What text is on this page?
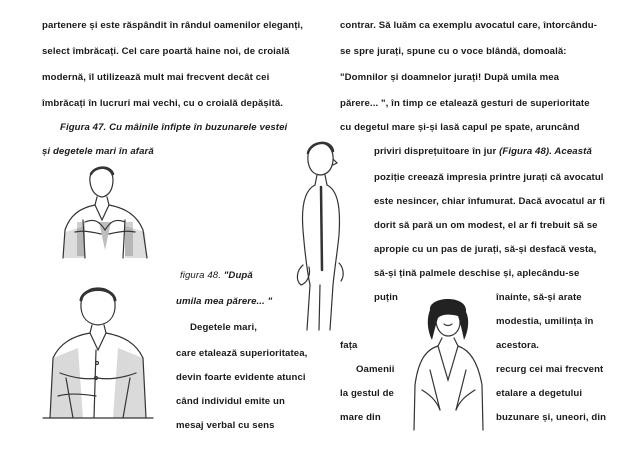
partenere și este răspândit în rândul oamenilor eleganți,
select îmbrăcați. Cel care poartă haine noi, de croială
modernă, îl utilizează mult mai frecvent decât cei
îmbrăcați în lucruri mai vechi, cu o croială depășită.
Figura 47. Cu mâinile înfipte în buzunarele vestei
și degetele mari în afară
figura 48. "După
umila mea părere... "
Degetele mari,
care etalează superioritatea,
devin foarte evidente atunci
când individul emite un
mesaj verbal cu sens
contrar. Să luăm ca exemplu avocatul care, întorcându-
se spre jurați, spune cu o voce blândă, domoală:
"Domnilor și doamnelor jurați! După umila mea
părere... ", în timp ce etalează gesturi de superioritate
cu degetul mare și-și lasă capul pe spate, aruncând
priviri disprețuitoare în jur (Figura 48). Această
poziție creează impresia printre jurați că avocatul
este nesincer, chiar înfumurat. Dacă avocatul ar fi
dorit să pară un om modest, el ar fi trebuit să se
apropie cu un pas de jurați, să-și desfacă vesta,
să-și țină palmele deschise și, aplecându-se
puțin	înainte, să-și arate
modestia, umilința în
fața	acestora.
Oamenii	recurg cei mai frecvent
la gestul de	etalare a degetului
mare din	buzunare și, uneori, din
